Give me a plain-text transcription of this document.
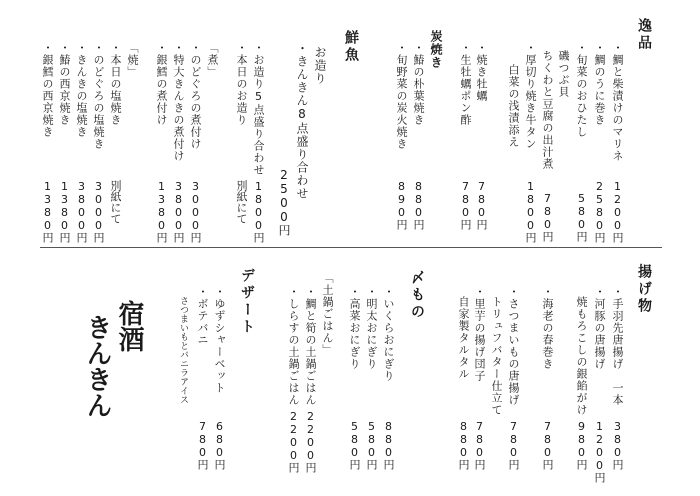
逸品
・鯛と柴漬けのマリネ
1200円
・鯛のうに巻き
2580円
・旬菜のおひたし
580円
磯つぶ貝
ちくわと豆腐の出汁煮
780円
・厚切り焼き牛タン
1800円
白菜の浅漬添え
炭焼き	・焼き牡蠣
780円
・生牡蠣ポン酢
780円
・鰆の朴葉焼き
880円
・旬野菜の炭火焼き
890円
鮮魚
お造り
・きんきん8点盛り合わせ
2500円
・お造り5点盛り合わせ
1800円
・本日のお造り
別紙にて
「煮」
・のどぐろの煮付け
3000円
・特大きんきの煮付け
3800円
・銀鱈の煮付け
1380円
「焼」
・本日の塩焼き
別紙にて
・のどぐろの塩焼き
3000円
・きんきの塩焼き
3800円
・鰆の西京焼き
1380円
・銀鱈の西京焼き
1380円
揚げ物
・手羽先唐揚げ　一本
380円
・河豚の唐揚げ
1200円
焼もろこしの銀餡がけ
980円
・海老の春巻き
780円
・さつまいもの唐揚げ
780円
トリュフバター仕立て
・里芋の揚げ団子
780円
自家製タルタル
880円
〆もの
・いくらおにぎり
880円
・明太おにぎり
580円
・高菜おにぎり
580円
「土鍋ごはん」
・鯛と筍の土鍋ごはん
2200円
・しらすの土鍋ごはん
2200円
デザート
・ゆずシャーベット
680円
・ボテバニ
780円
さつまいもとバニラアイス
宿酒
きんきん
